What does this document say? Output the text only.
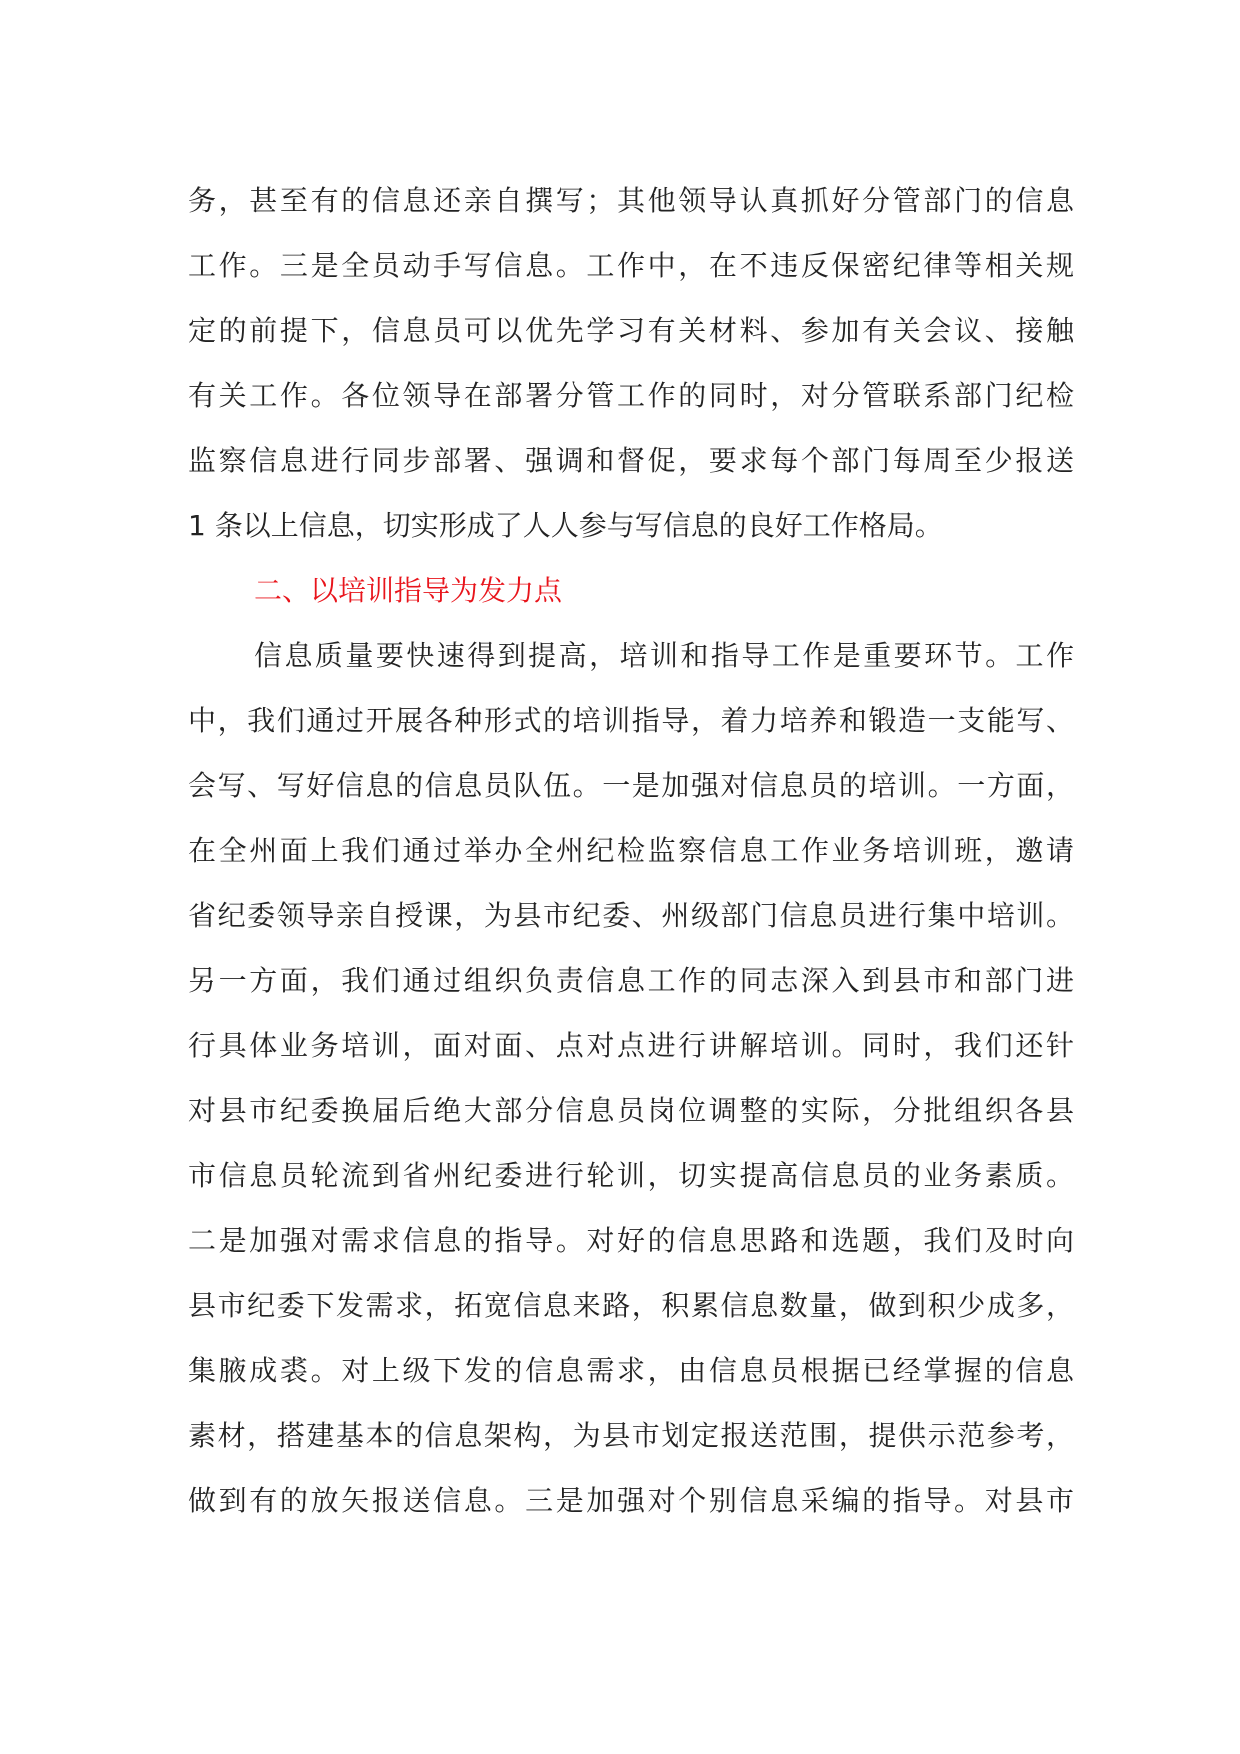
务，甚至有的信息还亲自撰写；其他领导认真抓好分管部门的信息
工作。三是全员动手写信息。工作中，在不违反保密纪律等相关规
定的前提下，信息员可以优先学习有关材料、参加有关会议、接触
有关工作。各位领导在部署分管工作的同时，对分管联系部门纪检
监察信息进行同步部署、强调和督促，要求每个部门每周至少报送
1 条以上信息，切实形成了人人参与写信息的良好工作格局。
二、以培训指导为发力点
信息质量要快速得到提高，培训和指导工作是重要环节。工作
中，我们通过开展各种形式的培训指导，着力培养和锻造一支能写、
会写、写好信息的信息员队伍。一是加强对信息员的培训。一方面，
在全州面上我们通过举办全州纪检监察信息工作业务培训班，邀请
省纪委领导亲自授课，为县市纪委、州级部门信息员进行集中培训。
另一方面，我们通过组织负责信息工作的同志深入到县市和部门进
行具体业务培训，面对面、点对点进行讲解培训。同时，我们还针
对县市纪委换届后绝大部分信息员岗位调整的实际，分批组织各县
市信息员轮流到省州纪委进行轮训，切实提高信息员的业务素质。
二是加强对需求信息的指导。对好的信息思路和选题，我们及时向
县市纪委下发需求，拓宽信息来路，积累信息数量，做到积少成多，
集腋成裘。对上级下发的信息需求，由信息员根据已经掌握的信息
素材，搭建基本的信息架构，为县市划定报送范围，提供示范参考，
做到有的放矢报送信息。三是加强对个别信息采编的指导。对县市
